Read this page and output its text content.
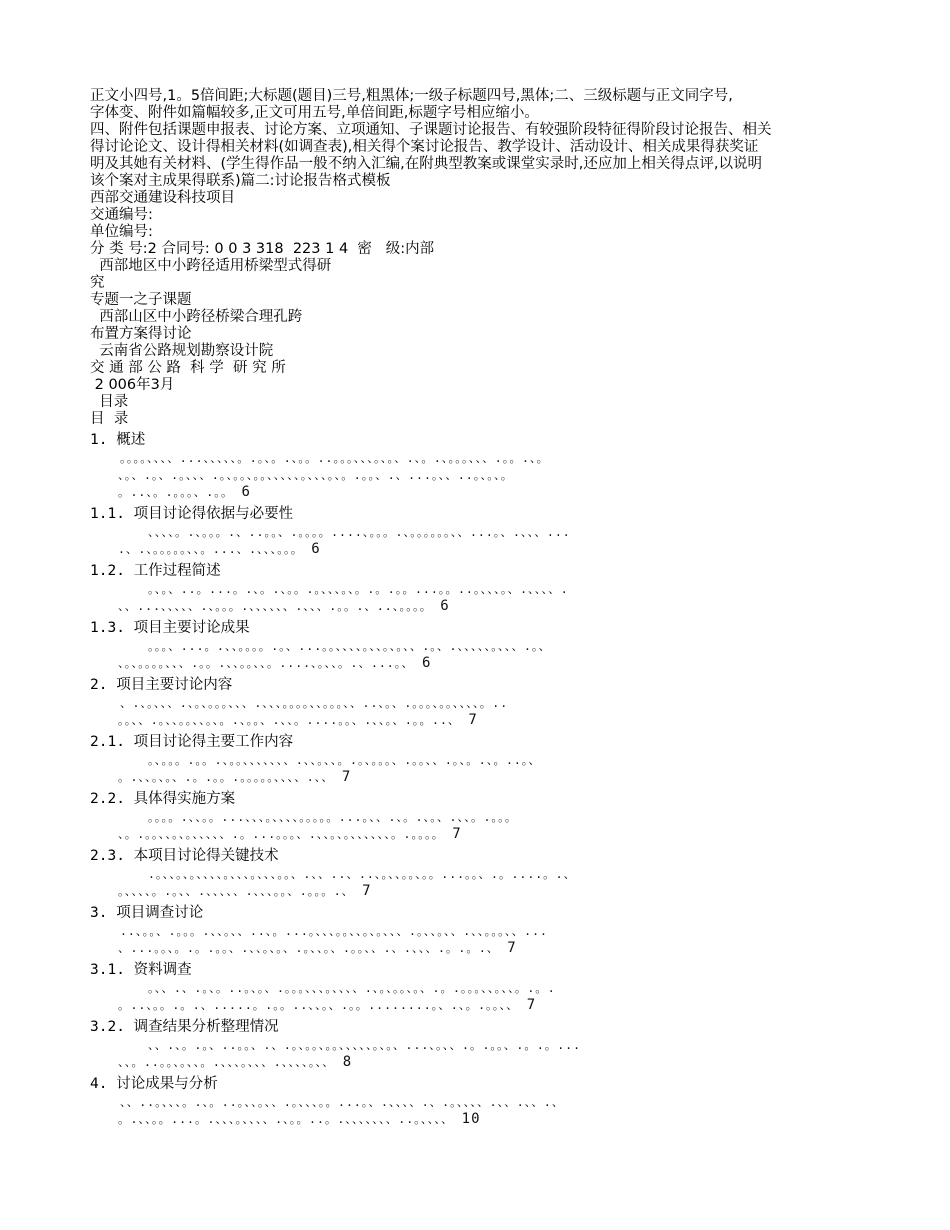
正文小四号,1。5倍间距;大标题(题目)三号,粗黑体;一级子标题四号,黑体;二、三级标题与正文同字号,
字体变、附件如篇幅较多,正文可用五号,单倍间距,标题字号相应缩小。
四、附件包括课题申报表、讨论方案、立项通知、子课题讨论报告、有较强阶段特征得阶段讨论报告、相关
得讨论论文、设计得相关材料(如调查表),相关得个案讨论报告、教学设计、活动设计、相关成果得获奖证
明及其她有关材料、(学生得作品一般不纳入汇编,在附典型教案或课堂实录时,还应加上相关得点评,以说明
该个案对主成果得联系)篇二:讨论报告格式模板
西部交通建设科技项目
交通编号:
单位编号:
分 类 号:2 合同号: 0 0 3 318  223 1 4  密   级:内部
西部地区中小跨径适用桥梁型式得研
究
专题一之子课题
西部山区中小跨径桥梁合理孔跨
布置方案得讨论
云南省公路规划勘察设计院
交 通 部 公 路  科 学  研 究 所
2 006年3月
目录
目  录
1. 概述
。。。。、、、、...、、、、、。.。、。.、。。..。。。、、、。、。、.、。.、。。。、、、.。。.、。
、。、.。、.。、、、.。、。。、。。、、、、、。、、、。、。.。。、.、...。、、..。、。、。
。..、。.。。。、.。。 6
1.1. 项目讨论得依据与必要性
、、、、。.、。。。.、..。。、.。。。。....、。。。.、。。。。。。、、...。、.、、、...
.、.、。。。。。、、。...、.、、、。。。 6
1.2. 工作过程简述
。、。、..。...。.、。.、。。.。、、、。、。.。.。。...。。..。、、、。、.、、、、.
、、...、、、、、.、。。。.、、、、、、.、、、.。。.、..、。。。。 6
1.3. 项目主要讨论成果
。。。、...。.、、。。。。.。、...。。、、、、。、、。、。、、.。、.、、、、、。、、、.。、
、。、。。。。、、、.。。.、、。。、、。....、。、、。.、...。、 6
2. 项目主要讨论内容
、.、。、、、.、。、。。。、、、.、、、。。。。、、。。。、、..、。、.。。。、。。、、、、。..
。。、、.。、、。。、、。、。.、。。、.、、。....。。、.、、。、.。。..、 7
2.1. 项目讨论得主要工作内容
。、。。。.。。.、。。、、、、、、、.、、。、、。.。、。。。、.。。、、.。、。.、。..。、
。.、、。、。、.。.。。.。。。。。、、、、.、、 7
2.2. 具体得实施方案
。。。。.、、。。...、、、。、、、、。。。。。...。、、.、。.、。、.、、。.。。。
、。.。。、、。、。、、、、、.。...。。。、.、、。、。、、、、、、。.。。。。 7
2.3. 本项目讨论得关键技术
.。、、。、。、、、、。、、、。、、、。。、.、、..、..、。、、。。、。。...。。、.。....。.、
。、、、、。.。、、.、、、、、.、、、。。、.。。。.、 7
3. 项目调查讨论
..、。。、.。。。.、、。、、..、。...。、、、。。、、。、。、、、.。、、。、、.、、。。。、、...
、...。。、。.。.。。、.、、。、。、.。、、。、.。。、、.、.、、、.。.。.、 7
3.1. 资料调查
。、、.、.。、。..。、。、.。。。、、、。、、、、.、。、。。、。、.。.。。。、、。、、。.。.
。..、。。.。.、.....。.。。..、、。、.。。........。、.、。.。。、、 7
3.2. 调查结果分析整理情况
、、.、。.。、..。。、.、.。、。。、。。、、、、、。、。、...、。、、.。.。。、.。.。...
、、。..。。、。、、。.、、、。、、、.、、、、。、、 8
4. 讨论成果与分析
、、..。、、、。.、。..。、、。、、.。、、、。。...。、.、、、、.、.。、、、、.、、.、、.、
。.、、。。...。.、、、。、、、、.、。。..。.、、、、、、、..。、、、、 10
